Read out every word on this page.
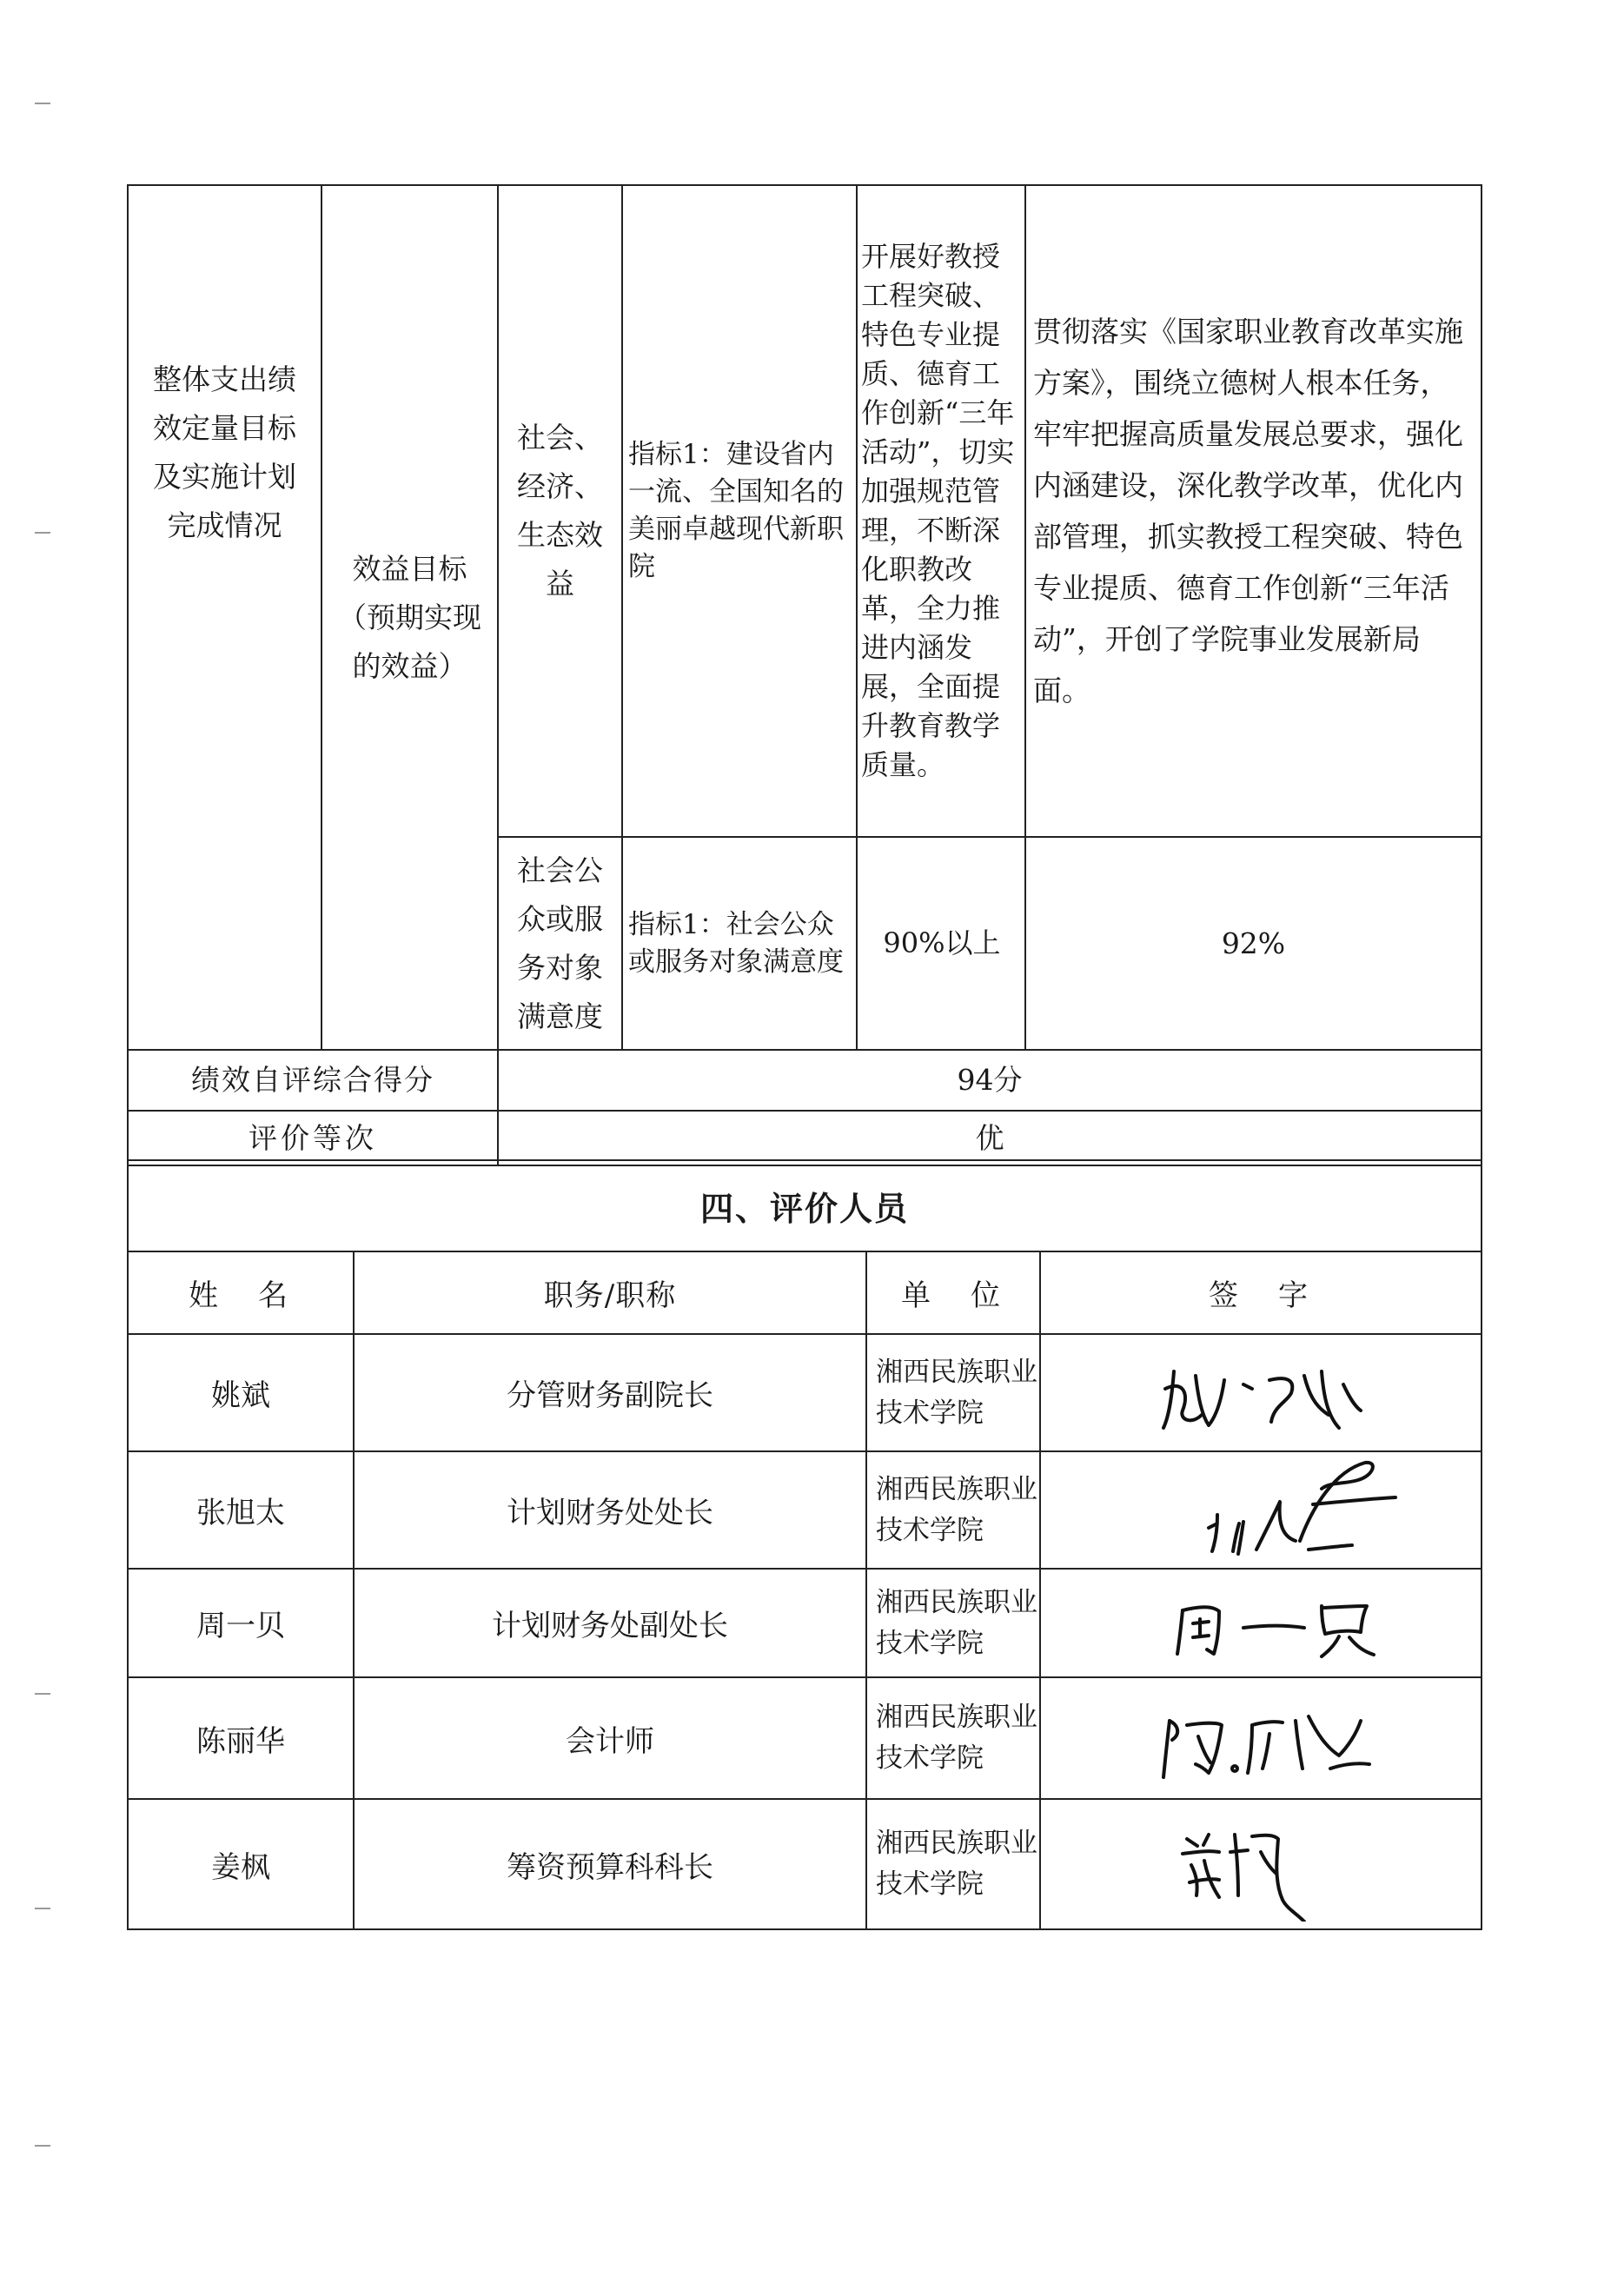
整体支出绩效定量目标及实施计划完成情况	效益目标（预期实现的效益）	社会、经济、生态效益	指标1：建设省内一流、全国知名的美丽卓越现代新职院	开展好教授工程突破、特色专业提质、德育工作创新“三年活动”，切实加强规范管理，不断深化职教改革，全力推进内涵发展，全面提升教育教学质量。	贯彻落实《国家职业教育改革实施方案》，围绕立德树人根本任务，牢牢把握高质量发展总要求，强化内涵建设，深化教学改革，优化内部管理，抓实教授工程突破、特色专业提质、德育工作创新“三年活动”，开创了学院事业发展新局面。

		社会公众或服务对象满意度	指标1：社会公众或服务对象满意度	90%以上	92%

绩效自评综合得分		94分			

评价等次		优			
四、评价人员			

姓　名	职务/职称	单　位	签　字

姚斌	分管财务副院长	湘西民族职业技术学院

张旭太	计划财务处处长	湘西民族职业技术学院

周一贝	计划财务处副处长	湘西民族职业技术学院

陈丽华	会计师	湘西民族职业技术学院

姜枫	筹资预算科科长	湘西民族职业技术学院
